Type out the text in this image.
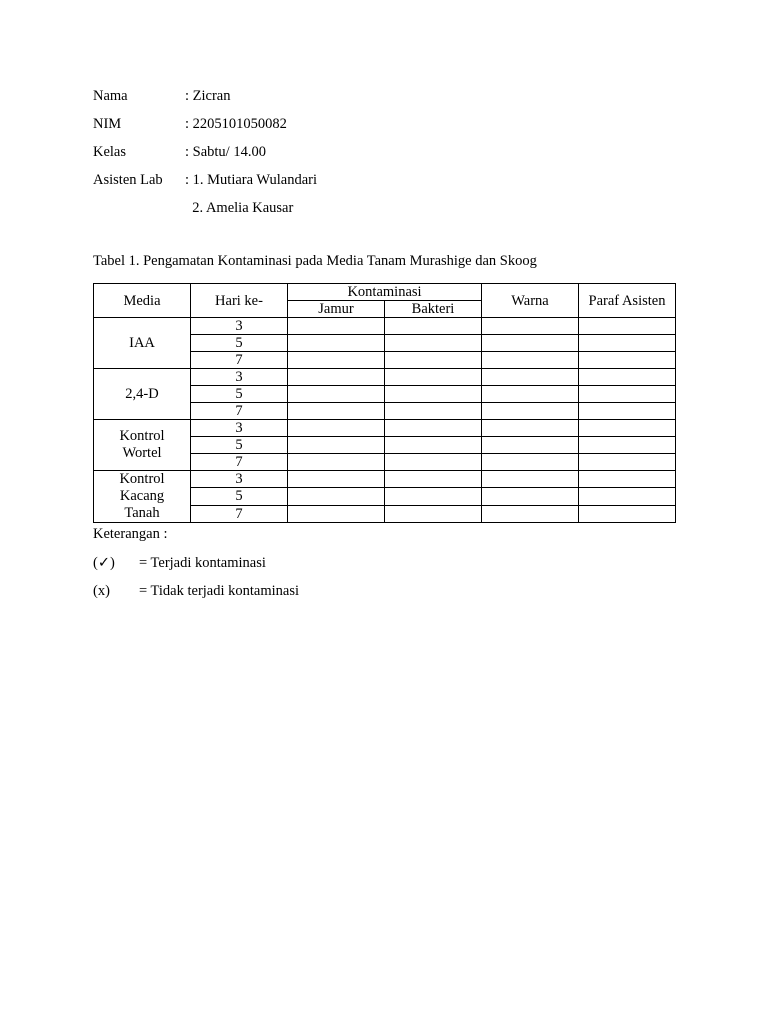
Nama	: Zicran
NIM	: 2205101050082
Kelas	: Sabtu/ 14.00
Asisten Lab : 1. Mutiara Wulandari
2. Amelia Kausar
Tabel 1. Pengamatan Kontaminasi pada Media Tanam Murashige dan Skoog
Media	Hari ke-	Kontaminasi		Warna	Paraf Asisten
		Jamur	Bakteri		

IAA	3				
	5				
	7				

2,4-D	3				
	5				
	7				

Kontrol
Wortel	3				
	5				
	7				

Kontrol
Kacang
Tanah	3				
	5				
	7				
Keterangan :
(✓) = Terjadi kontaminasi
(x) = Tidak terjadi kontaminasi
